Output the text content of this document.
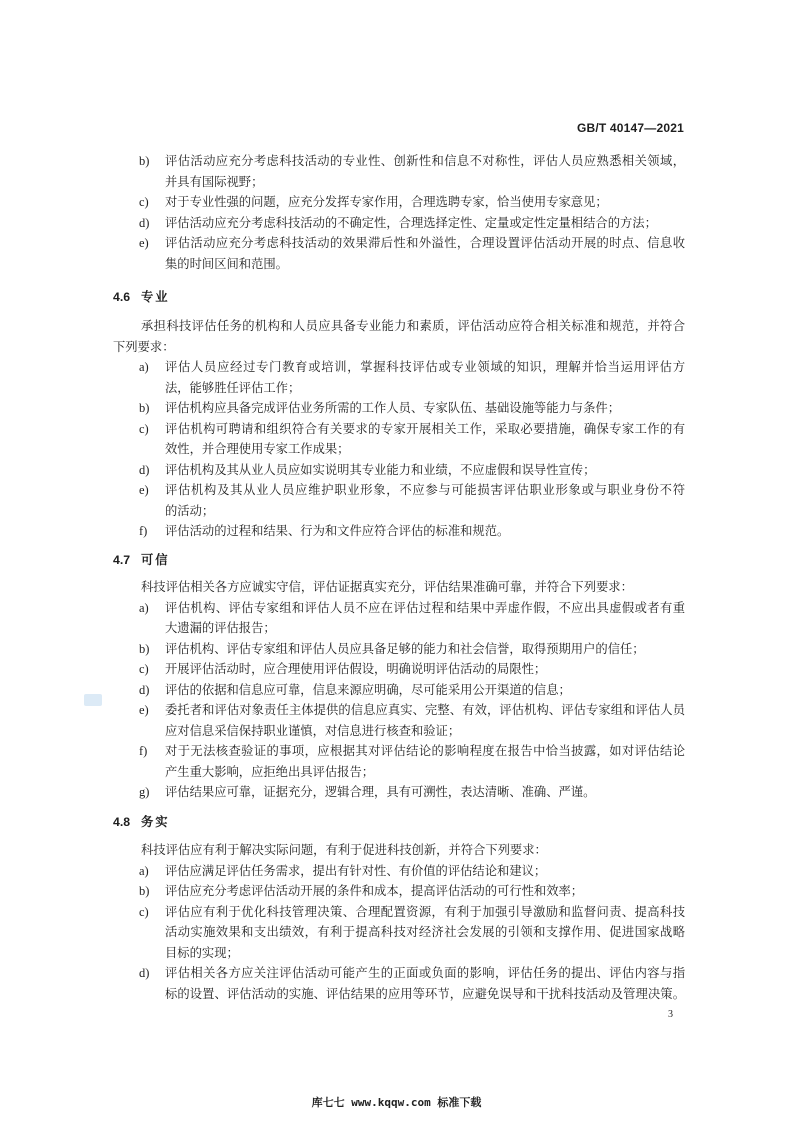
GB/T 40147—2021
b) 评估活动应充分考虑科技活动的专业性、创新性和信息不对称性，评估人员应熟悉相关领域，
并具有国际视野；
c) 对于专业性强的问题，应充分发挥专家作用，合理选聘专家，恰当使用专家意见；
d) 评估活动应充分考虑科技活动的不确定性，合理选择定性、定量或定性定量相结合的方法；
e) 评估活动应充分考虑科技活动的效果滞后性和外溢性，合理设置评估活动开展的时点、信息收
集的时间区间和范围。
4.6 专业
承担科技评估任务的机构和人员应具备专业能力和素质，评估活动应符合相关标准和规范，并符合
下列要求：
a) 评估人员应经过专门教育或培训，掌握科技评估或专业领域的知识，理解并恰当运用评估方
法，能够胜任评估工作；
b) 评估机构应具备完成评估业务所需的工作人员、专家队伍、基础设施等能力与条件；
c) 评估机构可聘请和组织符合有关要求的专家开展相关工作，采取必要措施，确保专家工作的有
效性，并合理使用专家工作成果；
d) 评估机构及其从业人员应如实说明其专业能力和业绩，不应虚假和误导性宣传；
e) 评估机构及其从业人员应维护职业形象，不应参与可能损害评估职业形象或与职业身份不符
的活动；
f) 评估活动的过程和结果、行为和文件应符合评估的标准和规范。
4.7 可信
科技评估相关各方应诚实守信，评估证据真实充分，评估结果准确可靠，并符合下列要求：
a) 评估机构、评估专家组和评估人员不应在评估过程和结果中弄虚作假，不应出具虚假或者有重
大遗漏的评估报告；
b) 评估机构、评估专家组和评估人员应具备足够的能力和社会信誉，取得预期用户的信任；
c) 开展评估活动时，应合理使用评估假设，明确说明评估活动的局限性；
d) 评估的依据和信息应可靠，信息来源应明确，尽可能采用公开渠道的信息；
e) 委托者和评估对象责任主体提供的信息应真实、完整、有效，评估机构、评估专家组和评估人员
应对信息采信保持职业谨慎，对信息进行核查和验证；
f) 对于无法核查验证的事项，应根据其对评估结论的影响程度在报告中恰当披露，如对评估结论
产生重大影响，应拒绝出具评估报告；
g) 评估结果应可靠，证据充分，逻辑合理，具有可溯性，表达清晰、准确、严谨。
4.8 务实
科技评估应有利于解决实际问题，有利于促进科技创新，并符合下列要求：
a) 评估应满足评估任务需求，提出有针对性、有价值的评估结论和建议；
b) 评估应充分考虑评估活动开展的条件和成本，提高评估活动的可行性和效率；
c) 评估应有利于优化科技管理决策、合理配置资源，有利于加强引导激励和监督问责、提高科技
活动实施效果和支出绩效，有利于提高科技对经济社会发展的引领和支撑作用、促进国家战略
目标的实现；
d) 评估相关各方应关注评估活动可能产生的正面或负面的影响，评估任务的提出、评估内容与指
标的设置、评估活动的实施、评估结果的应用等环节，应避免误导和干扰科技活动及管理决策。
3
库七七 www.kqqw.com 标准下载
